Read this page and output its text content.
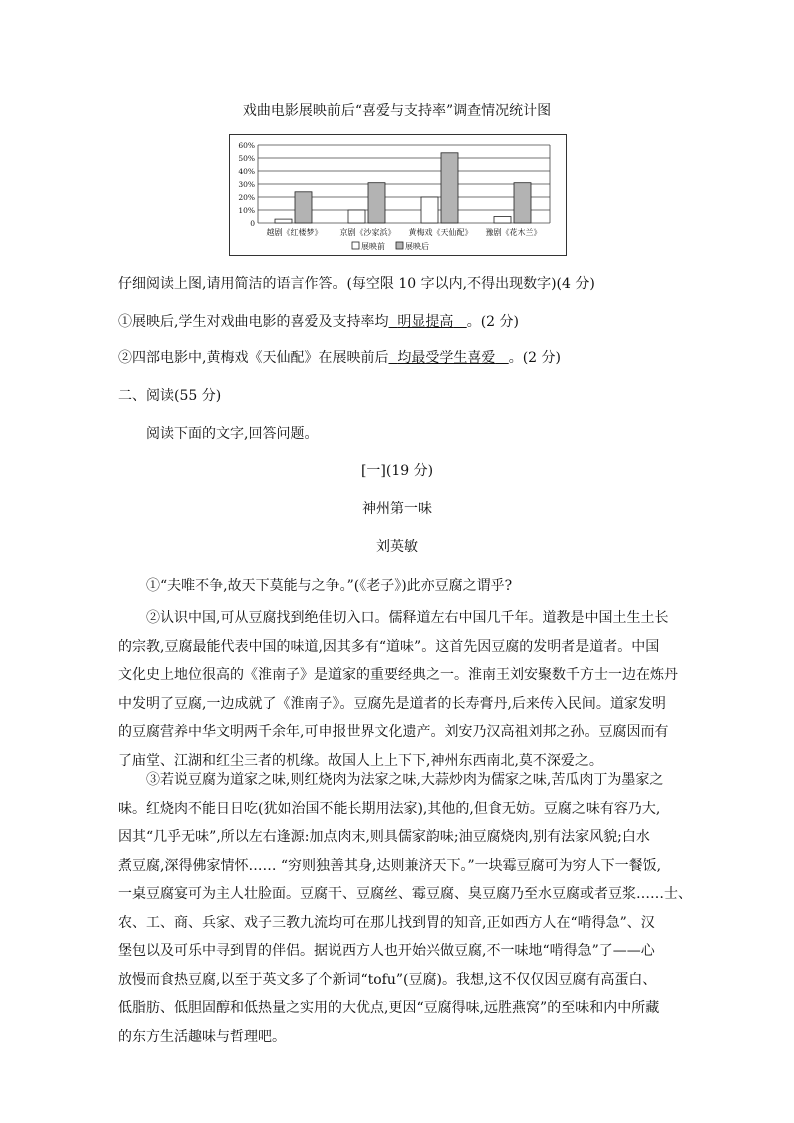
戏曲电影展映前后“喜爱与支持率”调查情况统计图
60%
50%
40%
30%
20%
10%
0
越剧《红楼梦》 京剧《沙家浜》 黄梅戏《天仙配》 豫剧《花木兰》
展映前	展映后
仔细阅读上图,请用简洁的语言作答。(每空限 10 字以内,不得出现数字)(4 分)
①展映后,学生对戏曲电影的喜爱及支持率均 明显提高 。(2 分)
②四部电影中,黄梅戏《天仙配》在展映前后 均最受学生喜爱 。(2 分)
二、阅读(55 分)
阅读下面的文字,回答问题。
[一](19 分)
神州第一味
刘英敏
①“夫唯不争,故天下莫能与之争。”(《老子》)此亦豆腐之谓乎?
②认识中国,可从豆腐找到绝佳切入口。儒释道左右中国几千年。道教是中国土生土长
的宗教,豆腐最能代表中国的味道,因其多有“道味”。这首先因豆腐的发明者是道者。中国
文化史上地位很高的《淮南子》是道家的重要经典之一。淮南王刘安聚数千方士一边在炼丹
中发明了豆腐,一边成就了《淮南子》。豆腐先是道者的长寿膏丹,后来传入民间。道家发明
的豆腐营养中华文明两千余年,可申报世界文化遗产。刘安乃汉高祖刘邦之孙。豆腐因而有
了庙堂、江湖和红尘三者的机缘。故国人上上下下,神州东西南北,莫不深爱之。
③若说豆腐为道家之味,则红烧肉为法家之味,大蒜炒肉为儒家之味,苦瓜肉丁为墨家之
味。红烧肉不能日日吃(犹如治国不能长期用法家),其他的,但食无妨。豆腐之味有容乃大,
因其“几乎无味”,所以左右逢源:加点肉末,则具儒家韵味;油豆腐烧肉,别有法家风貌;白水
煮豆腐,深得佛家情怀…… “穷则独善其身,达则兼济天下。”一块霉豆腐可为穷人下一餐饭,
一桌豆腐宴可为主人壮脸面。豆腐干、豆腐丝、霉豆腐、臭豆腐乃至水豆腐或者豆浆……士、
农、工、商、兵家、戏子三教九流均可在那儿找到胃的知音,正如西方人在“啃得急”、汉
堡包以及可乐中寻到胃的伴侣。据说西方人也开始兴做豆腐,不一味地“啃得急”了——心
放慢而食热豆腐,以至于英文多了个新词“tofu”(豆腐)。我想,这不仅仅因豆腐有高蛋白、
低脂肪、低胆固醇和低热量之实用的大优点,更因“豆腐得味,远胜燕窝”的至味和内中所藏
的东方生活趣味与哲理吧。
